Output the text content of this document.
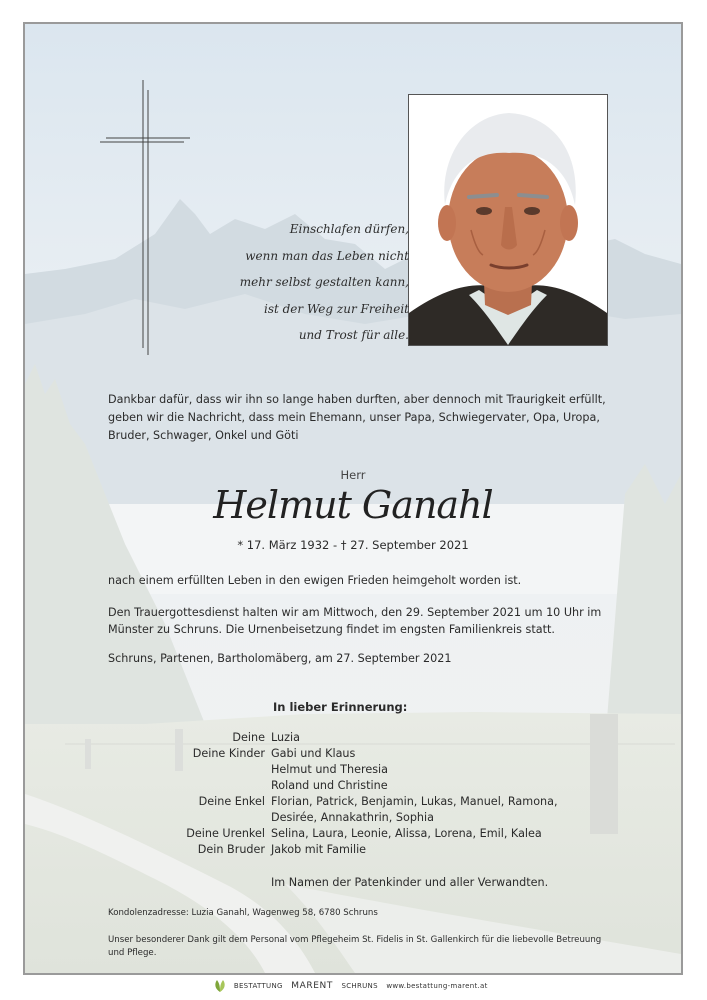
Einschlafen dürfen,
wenn man das Leben nicht
mehr selbst gestalten kann,
ist der Weg zur Freiheit
und Trost für alle.
Dankbar dafür, dass wir ihn so lange haben durften, aber dennoch mit Traurigkeit erfüllt, geben wir die Nachricht, dass mein Ehemann, unser Papa, Schwiegervater, Opa, Uropa, Bruder, Schwager, Onkel und Göti
Herr
Helmut Ganahl
* 17. März 1932 - † 27. September 2021
nach einem erfüllten Leben in den ewigen Frieden heimgeholt worden ist.
Den Trauergottesdienst halten wir am Mittwoch, den 29. September 2021 um 10 Uhr im Münster zu Schruns. Die Urnenbeisetzung findet im engsten Familienkreis statt.
Schruns, Partenen, Bartholomäberg, am 27. September 2021
In lieber Erinnerung:
Deine Luzia
Deine Kinder Gabi und Klaus
Helmut und Theresia
Roland und Christine
Deine Enkel Florian, Patrick, Benjamin, Lukas, Manuel, Ramona,
Desirée, Annakathrin, Sophia
Deine Urenkel Selina, Laura, Leonie, Alissa, Lorena, Emil, Kalea
Dein Bruder Jakob mit Familie
Im Namen der Patenkinder und aller Verwandten.
Kondolenzadresse: Luzia Ganahl, Wagenweg 58, 6780 Schruns
Unser besonderer Dank gilt dem Personal vom Pflegeheim St. Fidelis in St. Gallenkirch für die liebevolle Betreuung und Pflege.
BESTATTUNG MARENT SCHRUNS www.bestattung-marent.at
